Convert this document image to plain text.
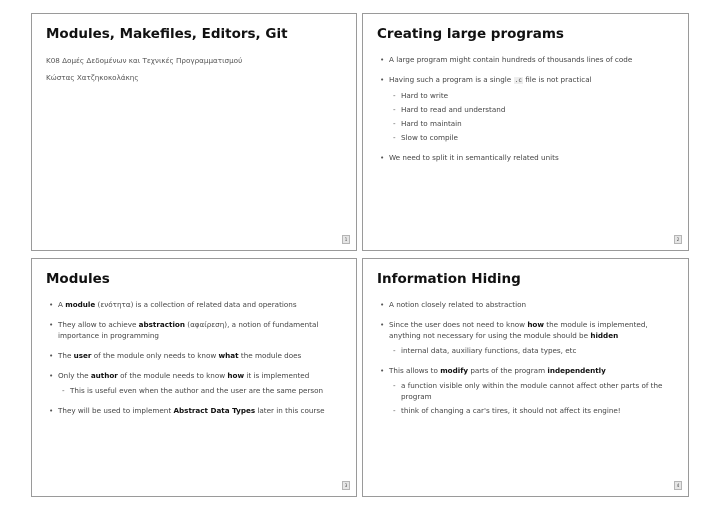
Modules, Makefiles, Editors, Git
Κ08 Δομές Δεδομένων και Τεχνικές Προγραμματισμού
Κώστας Χατζηκοκολάκης
1
Creating large programs
• A large program might contain hundreds of thousands lines of code
• Having such a program is a single .c file is not practical
- Hard to write
- Hard to read and understand
- Hard to maintain
- Slow to compile
• We need to split it in semantically related units
2
Modules
• A module (ενότητα) is a collection of related data and operations
• They allow to achieve abstraction (αφαίρεση), a notion of fundamental importance in programming
• The user of the module only needs to know what the module does
• Only the author of the module needs to know how it is implemented
- This is useful even when the author and the user are the same person
• They will be used to implement Abstract Data Types later in this course
3
Information Hiding
• A notion closely related to abstraction
• Since the user does not need to know how the module is implemented, anything not necessary for using the module should be hidden
- internal data, auxiliary functions, data types, etc
• This allows to modify parts of the program independently
- a function visible only within the module cannot affect other parts of the program
- think of changing a car's tires, it should not affect its engine!
4
